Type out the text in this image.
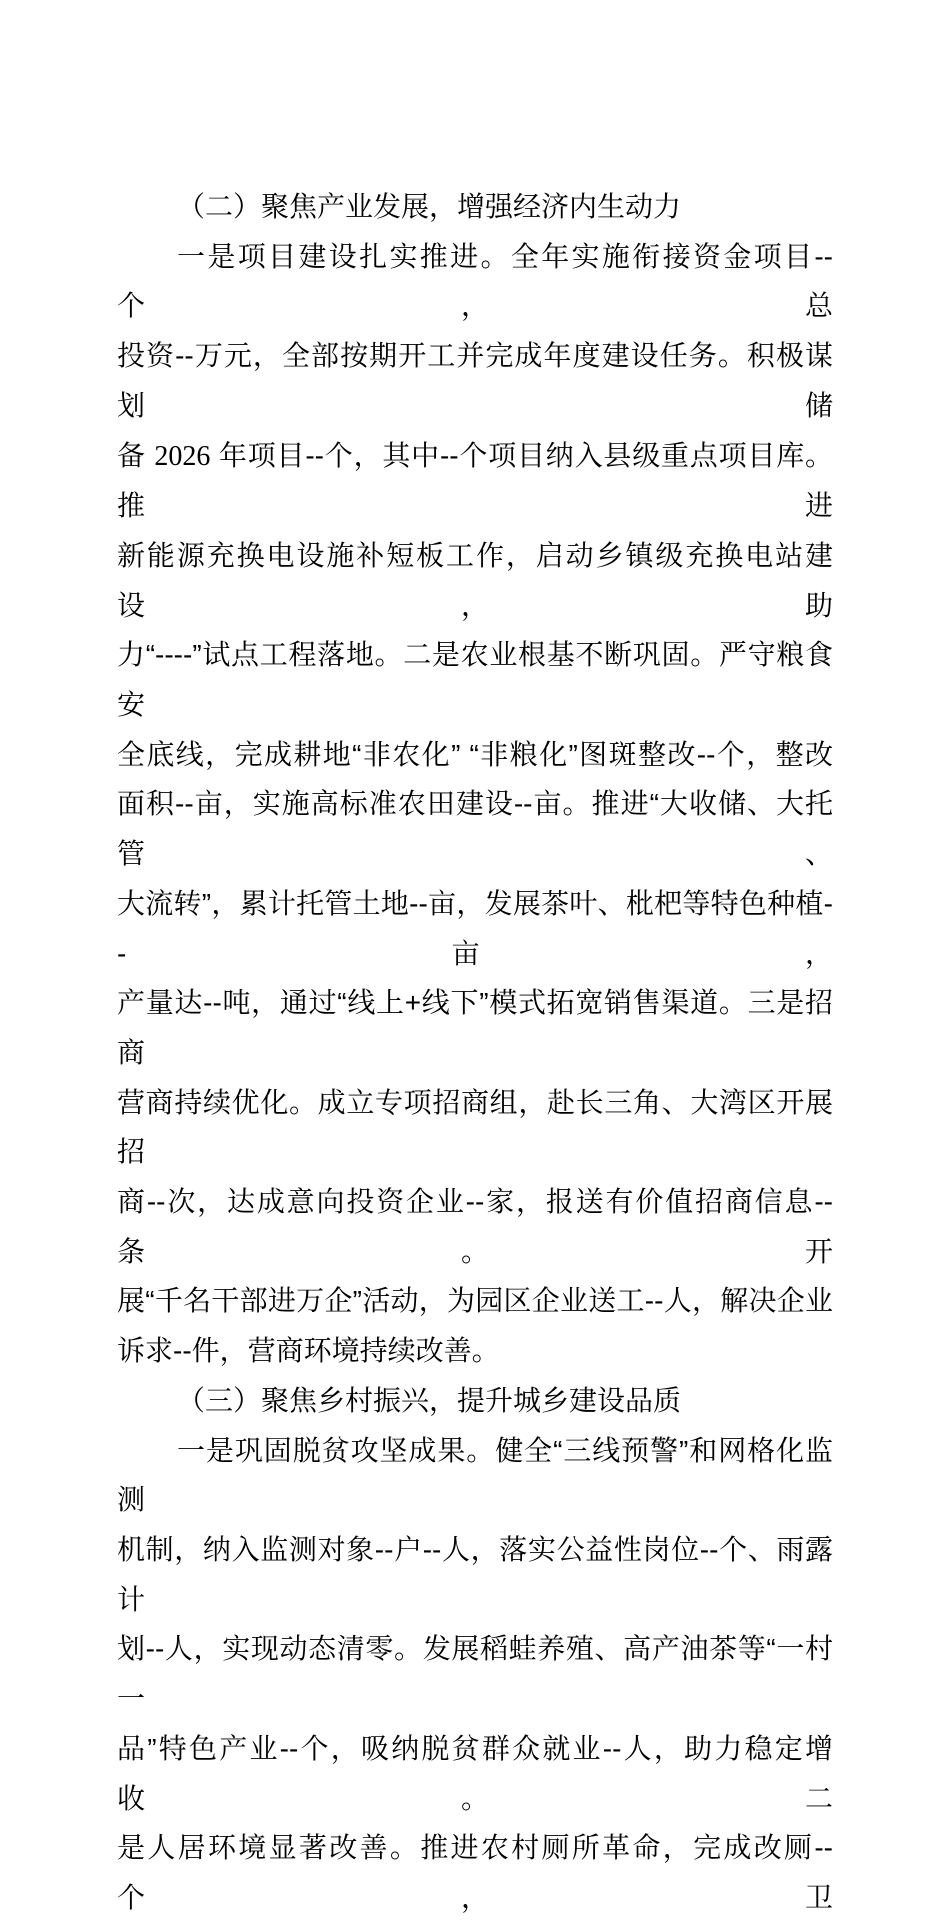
（二）聚焦产业发展，增强经济内生动力
一是项目建设扎实推进。全年实施衔接资金项目--个，总
投资--万元，全部按期开工并完成年度建设任务。积极谋划储
备 2026 年项目--个，其中--个项目纳入县级重点项目库。推进
新能源充换电设施补短板工作，启动乡镇级充换电站建设，助
力“----”试点工程落地。二是农业根基不断巩固。严守粮食安
全底线，完成耕地“非农化” “非粮化”图斑整改--个，整改
面积--亩，实施高标准农田建设--亩。推进“大收储、大托管、
大流转”，累计托管土地--亩，发展茶叶、枇杷等特色种植--亩，
产量达--吨，通过“线上+线下”模式拓宽销售渠道。三是招商
营商持续优化。成立专项招商组，赴长三角、大湾区开展招
商--次，达成意向投资企业--家，报送有价值招商信息--条。开
展“千名干部进万企”活动，为园区企业送工--人，解决企业
诉求--件，营商环境持续改善。
（三）聚焦乡村振兴，提升城乡建设品质
一是巩固脱贫攻坚成果。健全“三线预警”和网格化监测
机制，纳入监测对象--户--人，落实公益性岗位--个、雨露计
划--人，实现动态清零。发展稻蛙养殖、高产油茶等“一村一
品”特色产业--个，吸纳脱贫群众就业--人，助力稳定增收。二
是人居环境显著改善。推进农村厕所革命，完成改厕--个，卫
